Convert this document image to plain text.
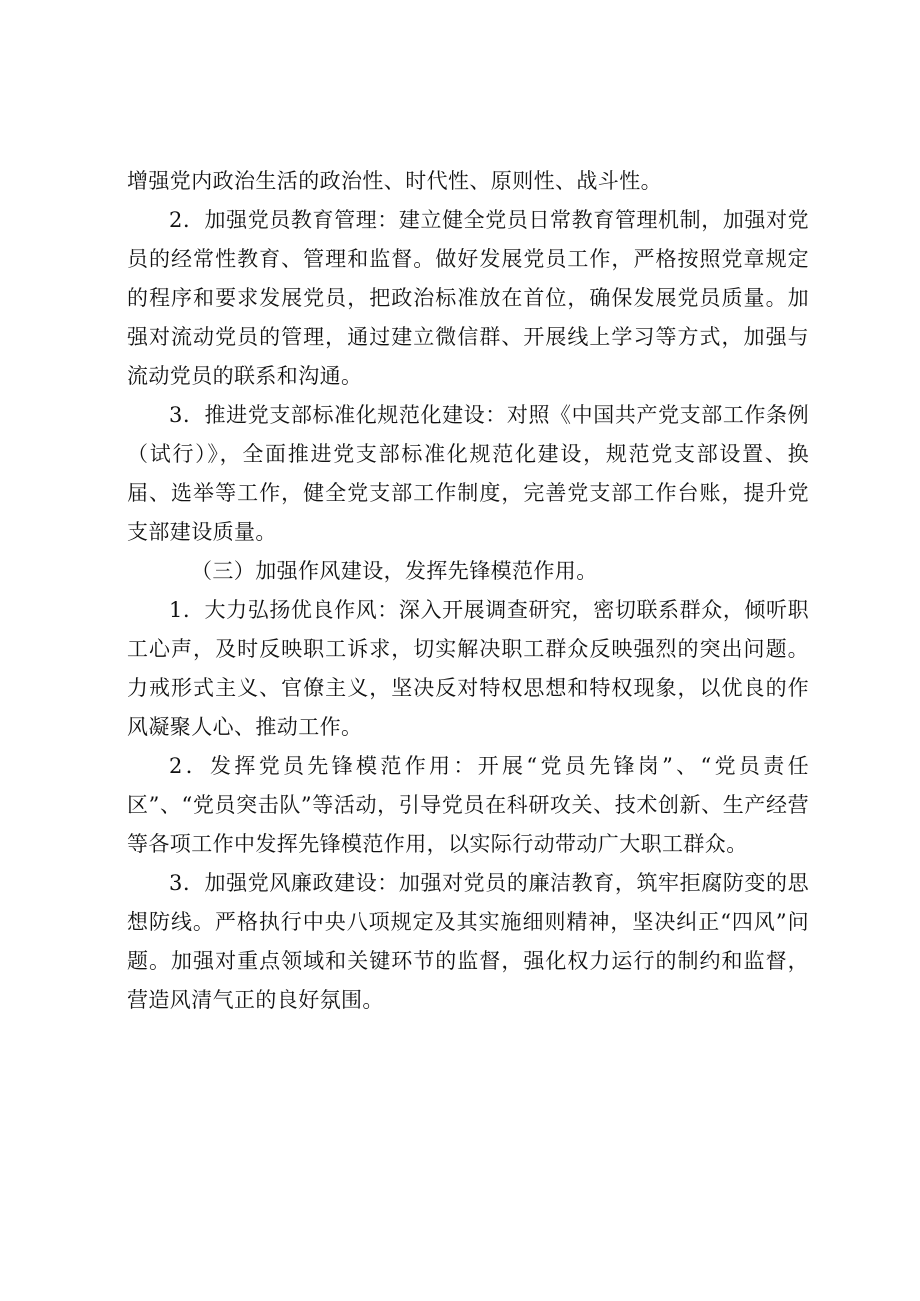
增强党内政治生活的政治性、时代性、原则性、战斗性。

2．加强党员教育管理：建立健全党员日常教育管理机制，加强对党员的经常性教育、管理和监督。做好发展党员工作，严格按照党章规定的程序和要求发展党员，把政治标准放在首位，确保发展党员质量。加强对流动党员的管理，通过建立微信群、开展线上学习等方式，加强与流动党员的联系和沟通。

3．推进党支部标准化规范化建设：对照《中国共产党支部工作条例（试行）》，全面推进党支部标准化规范化建设，规范党支部设置、换届、选举等工作，健全党支部工作制度，完善党支部工作台账，提升党支部建设质量。

（三）加强作风建设，发挥先锋模范作用。

1．大力弘扬优良作风：深入开展调查研究，密切联系群众，倾听职工心声，及时反映职工诉求，切实解决职工群众反映强烈的突出问题。力戒形式主义、官僚主义，坚决反对特权思想和特权现象，以优良的作风凝聚人心、推动工作。

2．发挥党员先锋模范作用：开展“党员先锋岗”、“党员责任区”、“党员突击队”等活动，引导党员在科研攻关、技术创新、生产经营等各项工作中发挥先锋模范作用，以实际行动带动广大职工群众。

3．加强党风廉政建设：加强对党员的廉洁教育，筑牢拒腐防变的思想防线。严格执行中央八项规定及其实施细则精神，坚决纠正“四风”问题。加强对重点领域和关键环节的监督，强化权力运行的制约和监督，营造风清气正的良好氛围。
